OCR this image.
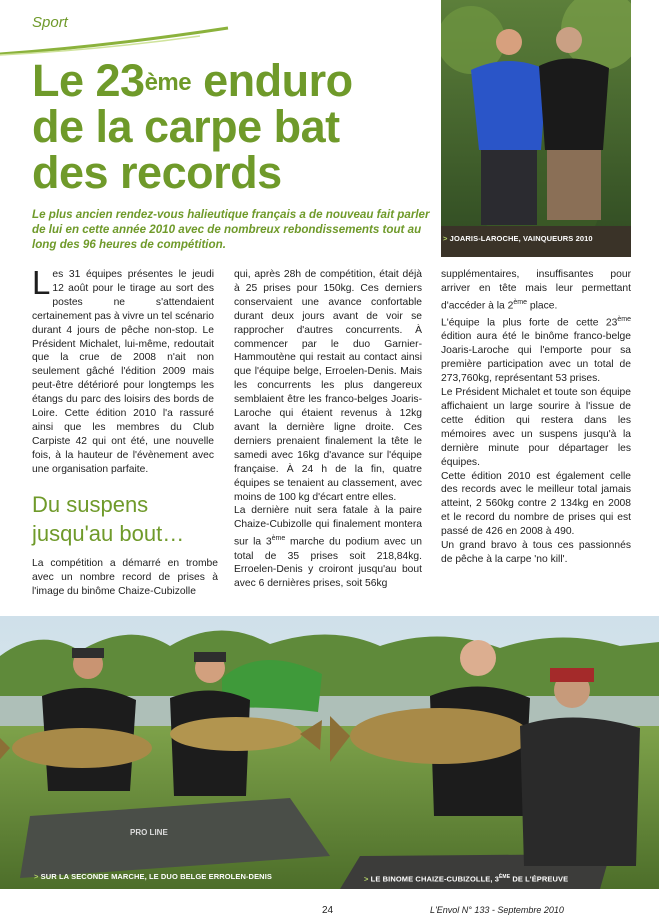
Sport
Le 23ème enduro
de la carpe bat
des records
Le plus ancien rendez-vous halieutique français a de nouveau fait parler de lui en cette année 2010 avec de nombreux rebondissements tout au long des 96 heures de compétition.	> JOARIS-LAROCHE, VAINQUEURS 2010

Les 31 équipes présentes le jeudi 12 août pour le tirage au sort des postes ne s'attendaient certainement pas à vivre un tel scénario durant 4 jours de pêche non-stop. Le Président Michalet, lui-même, redoutait que la crue de 2008 n'ait non seulement gâché l'édition 2009 mais peut-être détérioré pour longtemps les étangs du parc des loisirs des bords de Loire. Cette édition 2010 l'a rassuré ainsi que les membres du Club Carpiste 42 qui ont été, une nouvelle fois, à la hauteur de l'évènement avec une organisation parfaite.

Du suspens jusqu'au bout…

La compétition a démarré en trombe avec un nombre record de prises à l'image du binôme Chaize-Cubizolle

qui, après 28h de compétition, était déjà à 25 prises pour 150kg. Ces derniers conservaient une avance confortable durant deux jours avant de voir se rapprocher d'autres concurrents. À commencer par le duo Garnier-Hammoutène qui restait au contact ainsi que l'équipe belge, Erroelen-Denis. Mais les concurrents les plus dangereux semblaient être les franco-belges Joaris-Laroche qui étaient revenus à 12kg avant la dernière ligne droite. Ces derniers prenaient finalement la tête le samedi avec 16kg d'avance sur l'équipe française. À 24 h de la fin, quatre équipes se tenaient au classement, avec moins de 100 kg d'écart entre elles.

La dernière nuit sera fatale à la paire Chaize-Cubizolle qui finalement montera sur la 3ème marche du podium avec un total de 35 prises soit 218,84kg. Erroelen-Denis y croiront jusqu'au bout avec 6 dernières prises, soit 56kg

supplémentaires, insuffisantes pour arriver en tête mais leur permettant d'accéder à la 2ème place.

L'équipe la plus forte de cette 23ème édition aura été le binôme franco-belge Joaris-Laroche qui l'emporte pour sa première participation avec un total de 273,760kg, représentant 53 prises.

Le Président Michalet et toute son équipe affichaient un large sourire à l'issue de cette édition qui restera dans les mémoires avec un suspens jusqu'à la dernière minute pour départager les équipes.

Cette édition 2010 est également celle des records avec le meilleur total jamais atteint, 2 560kg contre 2 134kg en 2008 et le record du nombre de prises qui est passé de 426 en 2008 à 490.

Un grand bravo à tous ces passionnés de pêche à la carpe 'no kill'.

PRO LINE
> SUR LA SECONDE MARCHE, LE DUO BELGE ERROLEN-DENIS	> LE BINOME CHAIZE-CUBIZOLLE, 3ÈME DE L'ÉPREUVE
24	L'Envol N° 133 - Septembre 2010
